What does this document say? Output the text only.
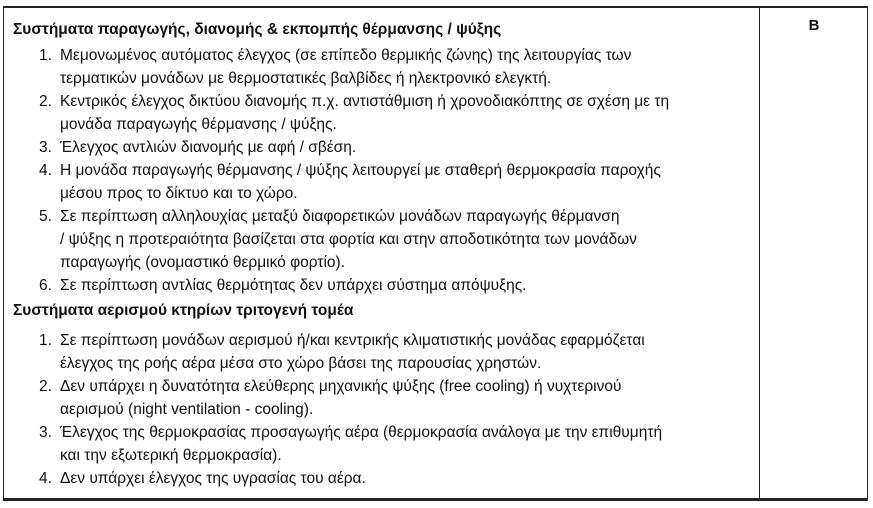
B
Συστήματα παραγωγής, διανομής & εκπομπής θέρμανσης / ψύξης
1. Μεμονωμένος αυτόματος έλεγχος (σε επίπεδο θερμικής ζώνης) της λειτουργίας των
τερματικών μονάδων με θερμοστατικές βαλβίδες ή ηλεκτρονικό ελεγκτή.
2. Κεντρικός έλεγχος δικτύου διανομής π.χ. αντιστάθμιση ή χρονοδιακόπτης σε σχέση με τη
μονάδα παραγωγής θέρμανσης / ψύξης.
3. Έλεγχος αντλιών διανομής με αφή / σβέση.
4. Η μονάδα παραγωγής θέρμανσης / ψύξης λειτουργεί με σταθερή θερμοκρασία παροχής
μέσου προς το δίκτυο και το χώρο.
5. Σε περίπτωση αλληλουχίας μεταξύ διαφορετικών μονάδων παραγωγής θέρμανση
/ ψύξης η προτεραιότητα βασίζεται στα φορτία και στην αποδοτικότητα των μονάδων
παραγωγής (ονομαστικό θερμικό φορτίο).
6. Σε περίπτωση αντλίας θερμότητας δεν υπάρχει σύστημα απόψυξης.
Συστήματα αερισμού κτηρίων τριτογενή τομέα
1. Σε περίπτωση μονάδων αερισμού ή/και κεντρικής κλιματιστικής μονάδας εφαρμόζεται
έλεγχος της ροής αέρα μέσα στο χώρο βάσει της παρουσίας χρηστών.
2. Δεν υπάρχει η δυνατότητα ελεύθερης μηχανικής ψύξης (free cooling) ή νυχτερινού
αερισμού (night ventilation - cooling).
3. Έλεγχος της θερμοκρασίας προσαγωγής αέρα (θερμοκρασία ανάλογα με την επιθυμητή
και την εξωτερική θερμοκρασία).
4. Δεν υπάρχει έλεγχος της υγρασίας του αέρα.
